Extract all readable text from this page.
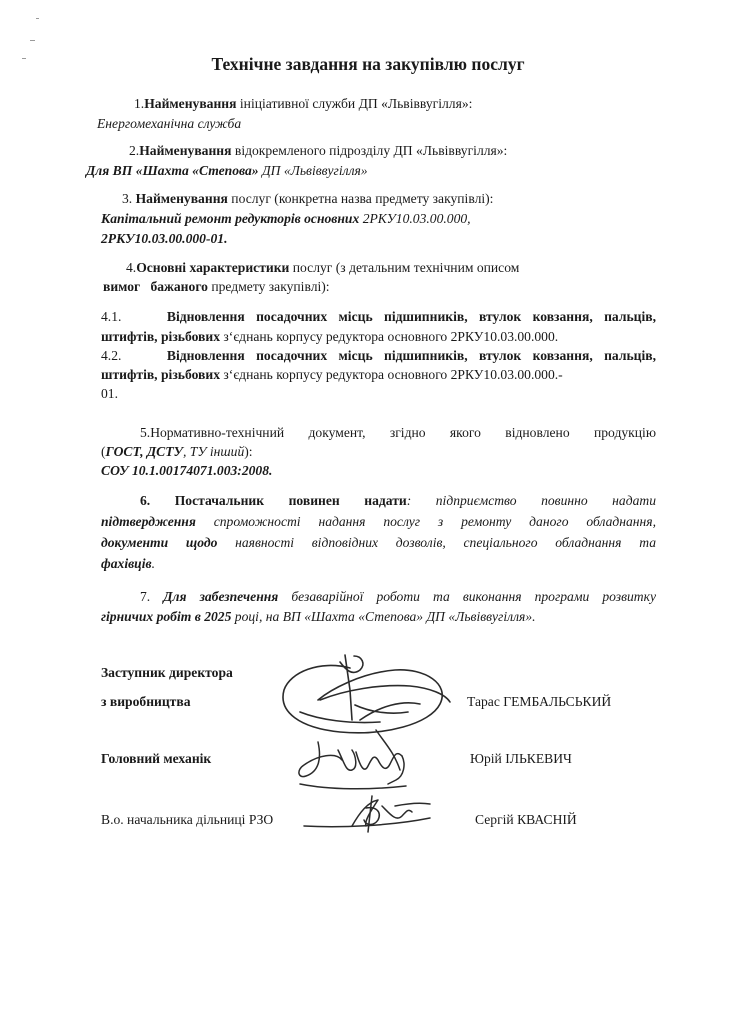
Технічне завдання на закупівлю послуг
1.Найменування ініціативної служби ДП «Львіввугілля»:
Енергомеханічна служба
2.Найменування відокремленого підрозділу ДП «Львіввугілля»:
Для ВП «Шахта «Степова» ДП «Львіввугілля»
3. Найменування послуг (конкретна назва предмету закупівлі):
Капітальний ремонт редукторів основних 2РКУ10.03.00.000,
2РКУ10.03.00.000-01.
4.Основні характеристики послуг (з детальним технічним описом
вимог бажаного предмету закупівлі):
4.1.	Відновлення посадочних місць підшипників, втулок ковзання, пальців,
штифтів, різьбових з‘єднань корпусу редуктора основного 2РКУ10.03.00.000.
4.2.	Відновлення посадочних місць підшипників, втулок ковзання, пальців,
штифтів, різьбових з‘єднань корпусу редуктора основного 2РКУ10.03.00.000.-
01.
5.Нормативно-технічний документ, згідно якого відновлено продукцію
(ГОСТ, ДСТУ, ТУ інший):
СОУ 10.1.00174071.003:2008.
6. Постачальник повинен надати: підприємство повинно надати
підтвердження спроможності надання послуг з ремонту даного обладнання,
документи щодо наявності відповідних дозволів, спеціального обладнання та
фахівців.
7. Для забезпечення безаварійної роботи та виконання програми розвитку
гірничих робіт в 2025 році, на ВП «Шахта «Степова» ДП «Львіввугілля».
Заступник директора
з виробництва	Тарас ГЕМБАЛЬСЬКИЙ
Головний механік	Юрій ІЛЬКЕВИЧ
В.о. начальника дільниці РЗО	Сергій КВАСНІЙ
